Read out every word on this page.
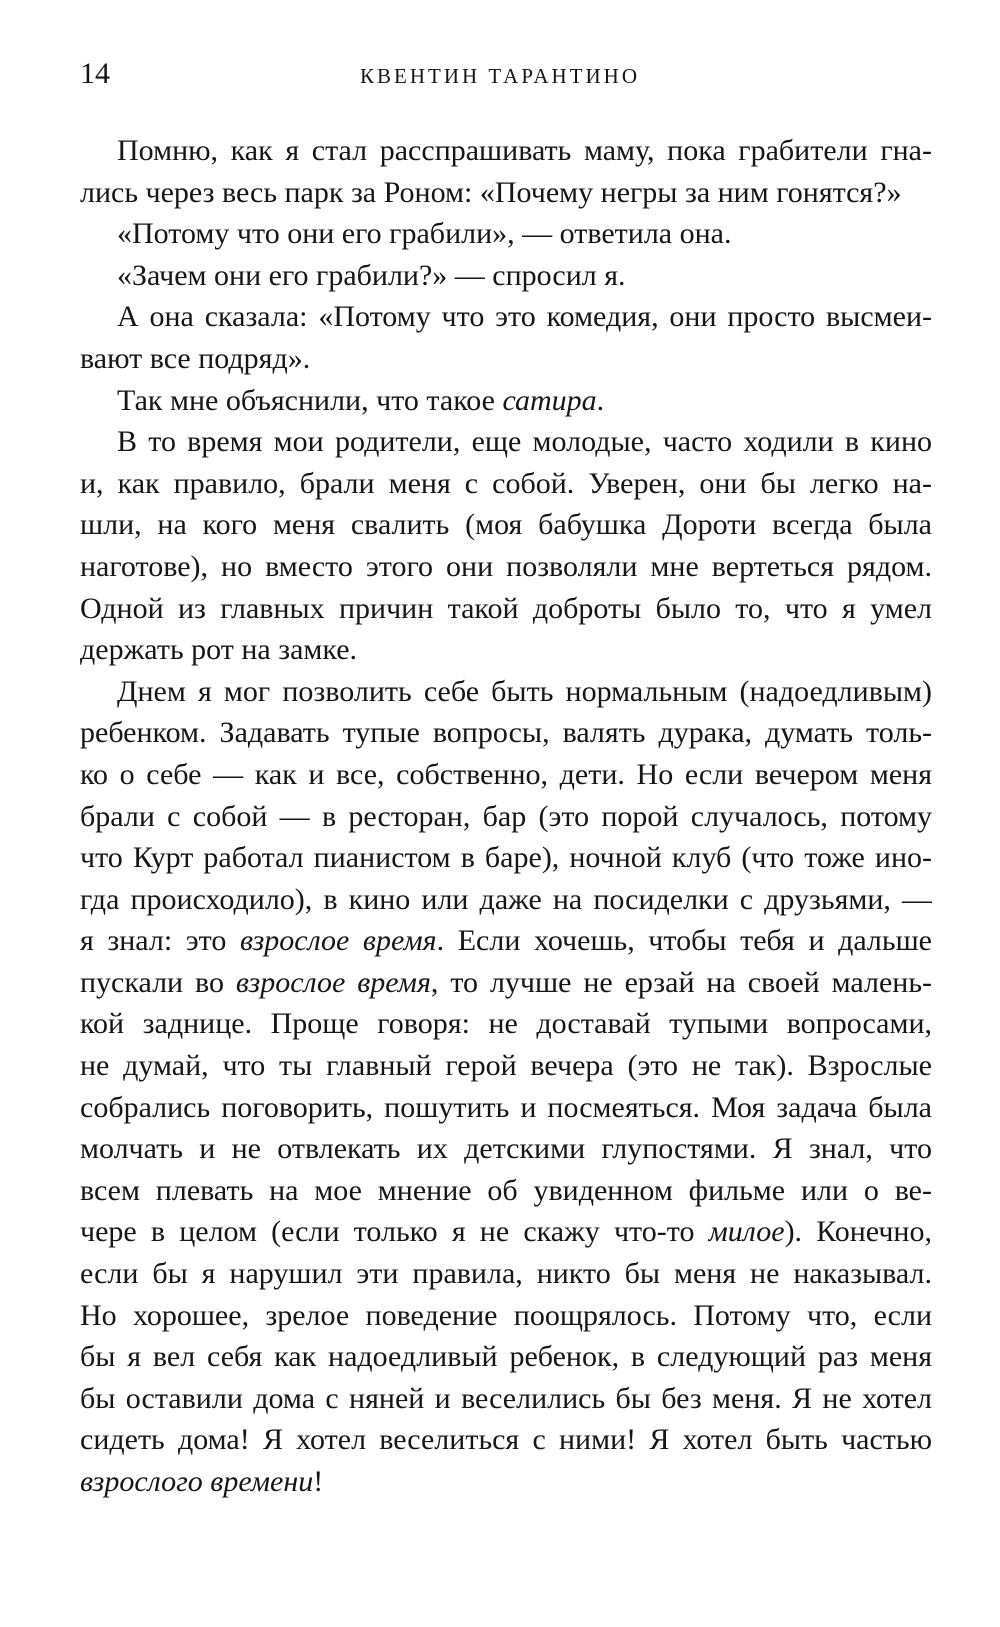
14	КВЕНТИН ТАРАНТИНО
Помню, как я стал расспрашивать маму, пока грабители гна-
лись через весь парк за Роном: «Почему негры за ним гонятся?»
«Потому что они его грабили», — ответила она.
«Зачем они его грабили?» — спросил я.
А она сказала: «Потому что это комедия, они просто высмеи-
вают все подряд».
Так мне объяснили, что такое сатира.
В то время мои родители, еще молодые, часто ходили в кино
и, как правило, брали меня с собой. Уверен, они бы легко на-
шли, на кого меня свалить (моя бабушка Дороти всегда была
наготове), но вместо этого они позволяли мне вертеться рядом.
Одной из главных причин такой доброты было то, что я умел
держать рот на замке.
Днем я мог позволить себе быть нормальным (надоедливым)
ребенком. Задавать тупые вопросы, валять дурака, думать толь-
ко о себе — как и все, собственно, дети. Но если вечером меня
брали с собой — в ресторан, бар (это порой случалось, потому
что Курт работал пианистом в баре), ночной клуб (что тоже ино-
гда происходило), в кино или даже на посиделки с друзьями, —
я знал: это взрослое время. Если хочешь, чтобы тебя и дальше
пускали во взрослое время, то лучше не ерзай на своей малень-
кой заднице. Проще говоря: не доставай тупыми вопросами,
не думай, что ты главный герой вечера (это не так). Взрослые
собрались поговорить, пошутить и посмеяться. Моя задача была
молчать и не отвлекать их детскими глупостями. Я знал, что
всем плевать на мое мнение об увиденном фильме или о ве-
чере в целом (если только я не скажу что-то милое). Конечно,
если бы я нарушил эти правила, никто бы меня не наказывал.
Но хорошее, зрелое поведение поощрялось. Потому что, если
бы я вел себя как надоедливый ребенок, в следующий раз меня
бы оставили дома с няней и веселились бы без меня. Я не хотел
сидеть дома! Я хотел веселиться с ними! Я хотел быть частью
взрослого времени!
